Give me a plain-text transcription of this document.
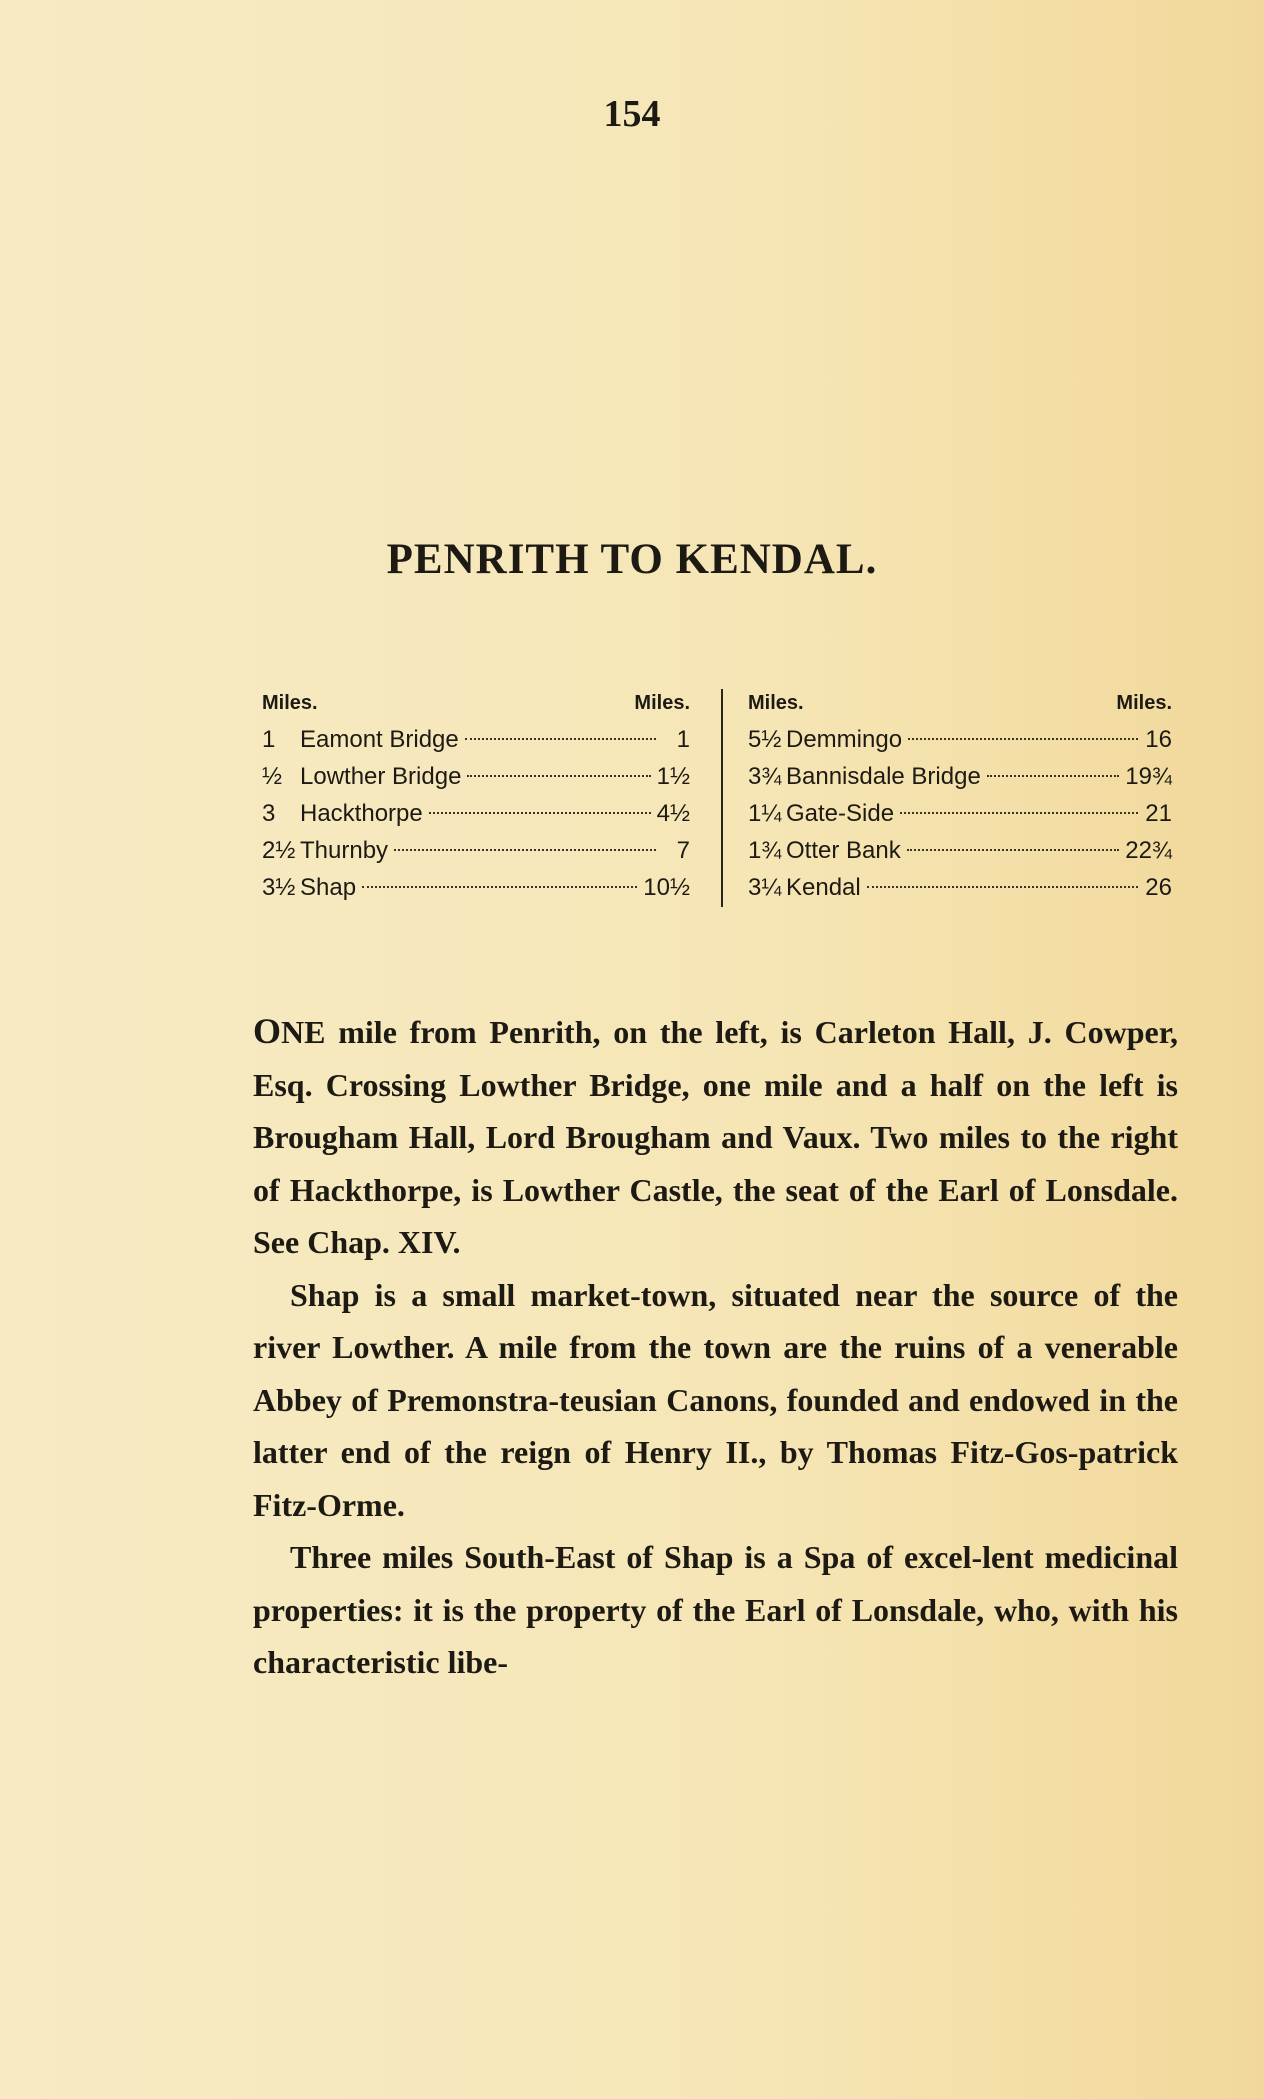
154
PENRITH TO KENDAL.
Miles.	Miles.
1	Eamont Bridge	1
½ Lowther Bridge	1½
3	Hackthorpe	4½
2½ Thurnby	7
3½ Shap	10½
Miles.	Miles.
5½ Demmingo	16
3¾ Bannisdale Bridge	19¾
1¼ Gate-Side	21
1¾ Otter Bank	22¾
3¼ Kendal	26

ONE mile from Penrith, on the left, is Carleton Hall, J. Cowper, Esq. Crossing Lowther Bridge, one mile and a half on the left is Brougham Hall, Lord Brougham and Vaux. Two miles to the right of Hackthorpe, is Lowther Castle, the seat of the Earl of Lonsdale. See Chap. XIV.

Shap is a small market-town, situated near the source of the river Lowther. A mile from the town are the ruins of a venerable Abbey of Premonstra-teusian Canons, founded and endowed in the latter end of the reign of Henry II., by Thomas Fitz-Gos-patrick Fitz-Orme.

Three miles South-East of Shap is a Spa of excel-lent medicinal properties: it is the property of the Earl of Lonsdale, who, with his characteristic libe-
